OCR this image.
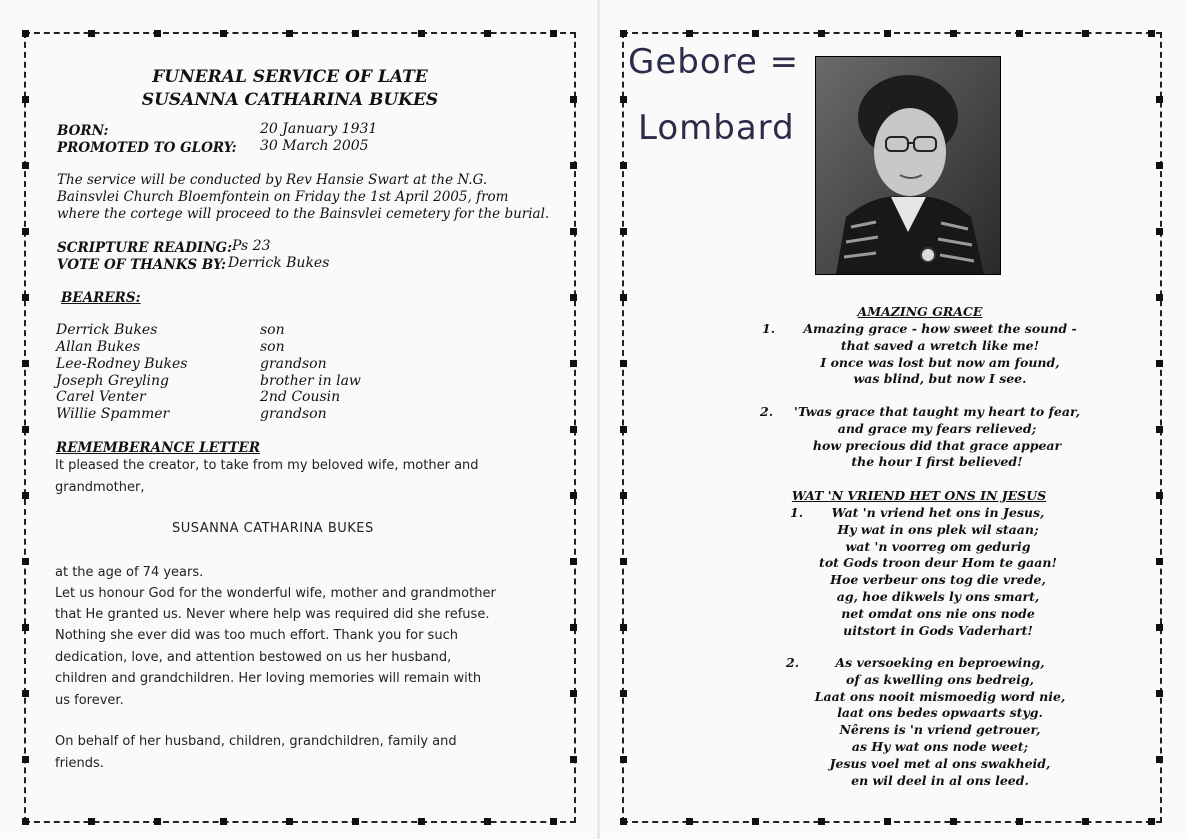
FUNERAL SERVICE OF LATE
SUSANNA CATHARINA BUKES
BORN:	20 January 1931
PROMOTED TO GLORY: 30 March 2005
The service will be conducted by Rev Hansie Swart at the N.G.
Bainsvlei Church Bloemfontein on Friday the 1st April 2005, from
where the cortege will proceed to the Bainsvlei cemetery for the burial.
SCRIPTURE READING: Ps 23
VOTE OF THANKS BY: Derrick Bukes
BEARERS:
Derrick Bukes	son
Allan Bukes	son
Lee-Rodney Bukes	grandson
Joseph Greyling	brother in law
Carel Venter	2nd Cousin
Willie Spammer	grandson
REMEMBERANCE LETTER
It pleased the creator, to take from my beloved wife, mother and
grandmother,
SUSANNA CATHARINA BUKES
at the age of 74 years.
Let us honour God for the wonderful wife, mother and grandmother
that He granted us. Never where help was required did she refuse.
Nothing she ever did was too much effort. Thank you for such
dedication, love, and attention bestowed on us her husband,
children and grandchildren. Her loving memories will remain with
us forever.
On behalf of her husband, children, grandchildren, family and
friends.
Gebore =
Lombard
AMAZING GRACE
1.	Amazing grace - how sweet the sound -
that saved a wretch like me!
I once was lost but now am found,
was blind, but now I see.
2.	'Twas grace that taught my heart to fear,
and grace my fears relieved;
how precious did that grace appear
the hour I first believed!
WAT 'N VRIEND HET ONS IN JESUS
1.	Wat 'n vriend het ons in Jesus,
Hy wat in ons plek wil staan;
wat 'n voorreg om gedurig
tot Gods troon deur Hom te gaan!
Hoe verbeur ons tog die vrede,
ag, hoe dikwels ly ons smart,
net omdat ons nie ons node
uitstort in Gods Vaderhart!
2.	As versoeking en beproewing,
of as kwelling ons bedreig,
Laat ons nooit mismoedig word nie,
laat ons bedes opwaarts styg.
Nêrens is 'n vriend getrouer,
as Hy wat ons node weet;
Jesus voel met al ons swakheid,
en wil deel in al ons leed.
